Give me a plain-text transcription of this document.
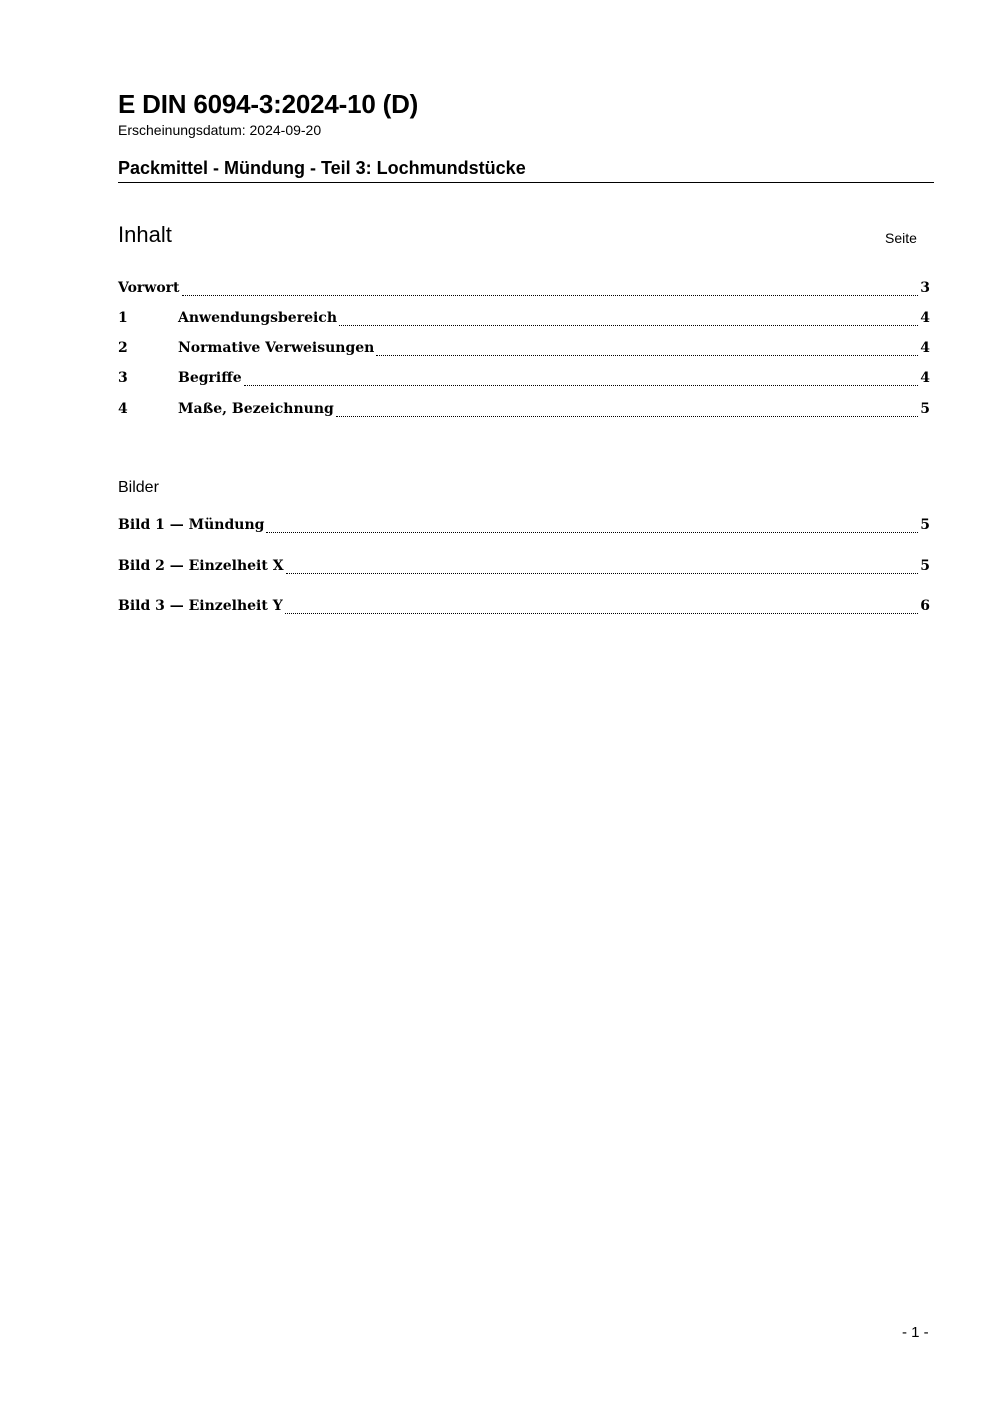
E DIN 6094-3:2024-10 (D)
Erscheinungsdatum: 2024-09-20
Packmittel - Mündung - Teil 3: Lochmundstücke
Inhalt	Seite
Vorwort	3
1	Anwendungsbereich	4
2	Normative Verweisungen	4
3	Begriffe	4
4	Maße, Bezeichnung	5
Bilder
Bild 1 — Mündung	5
Bild 2 — Einzelheit X	5
Bild 3 — Einzelheit Y	6
- 1 -
